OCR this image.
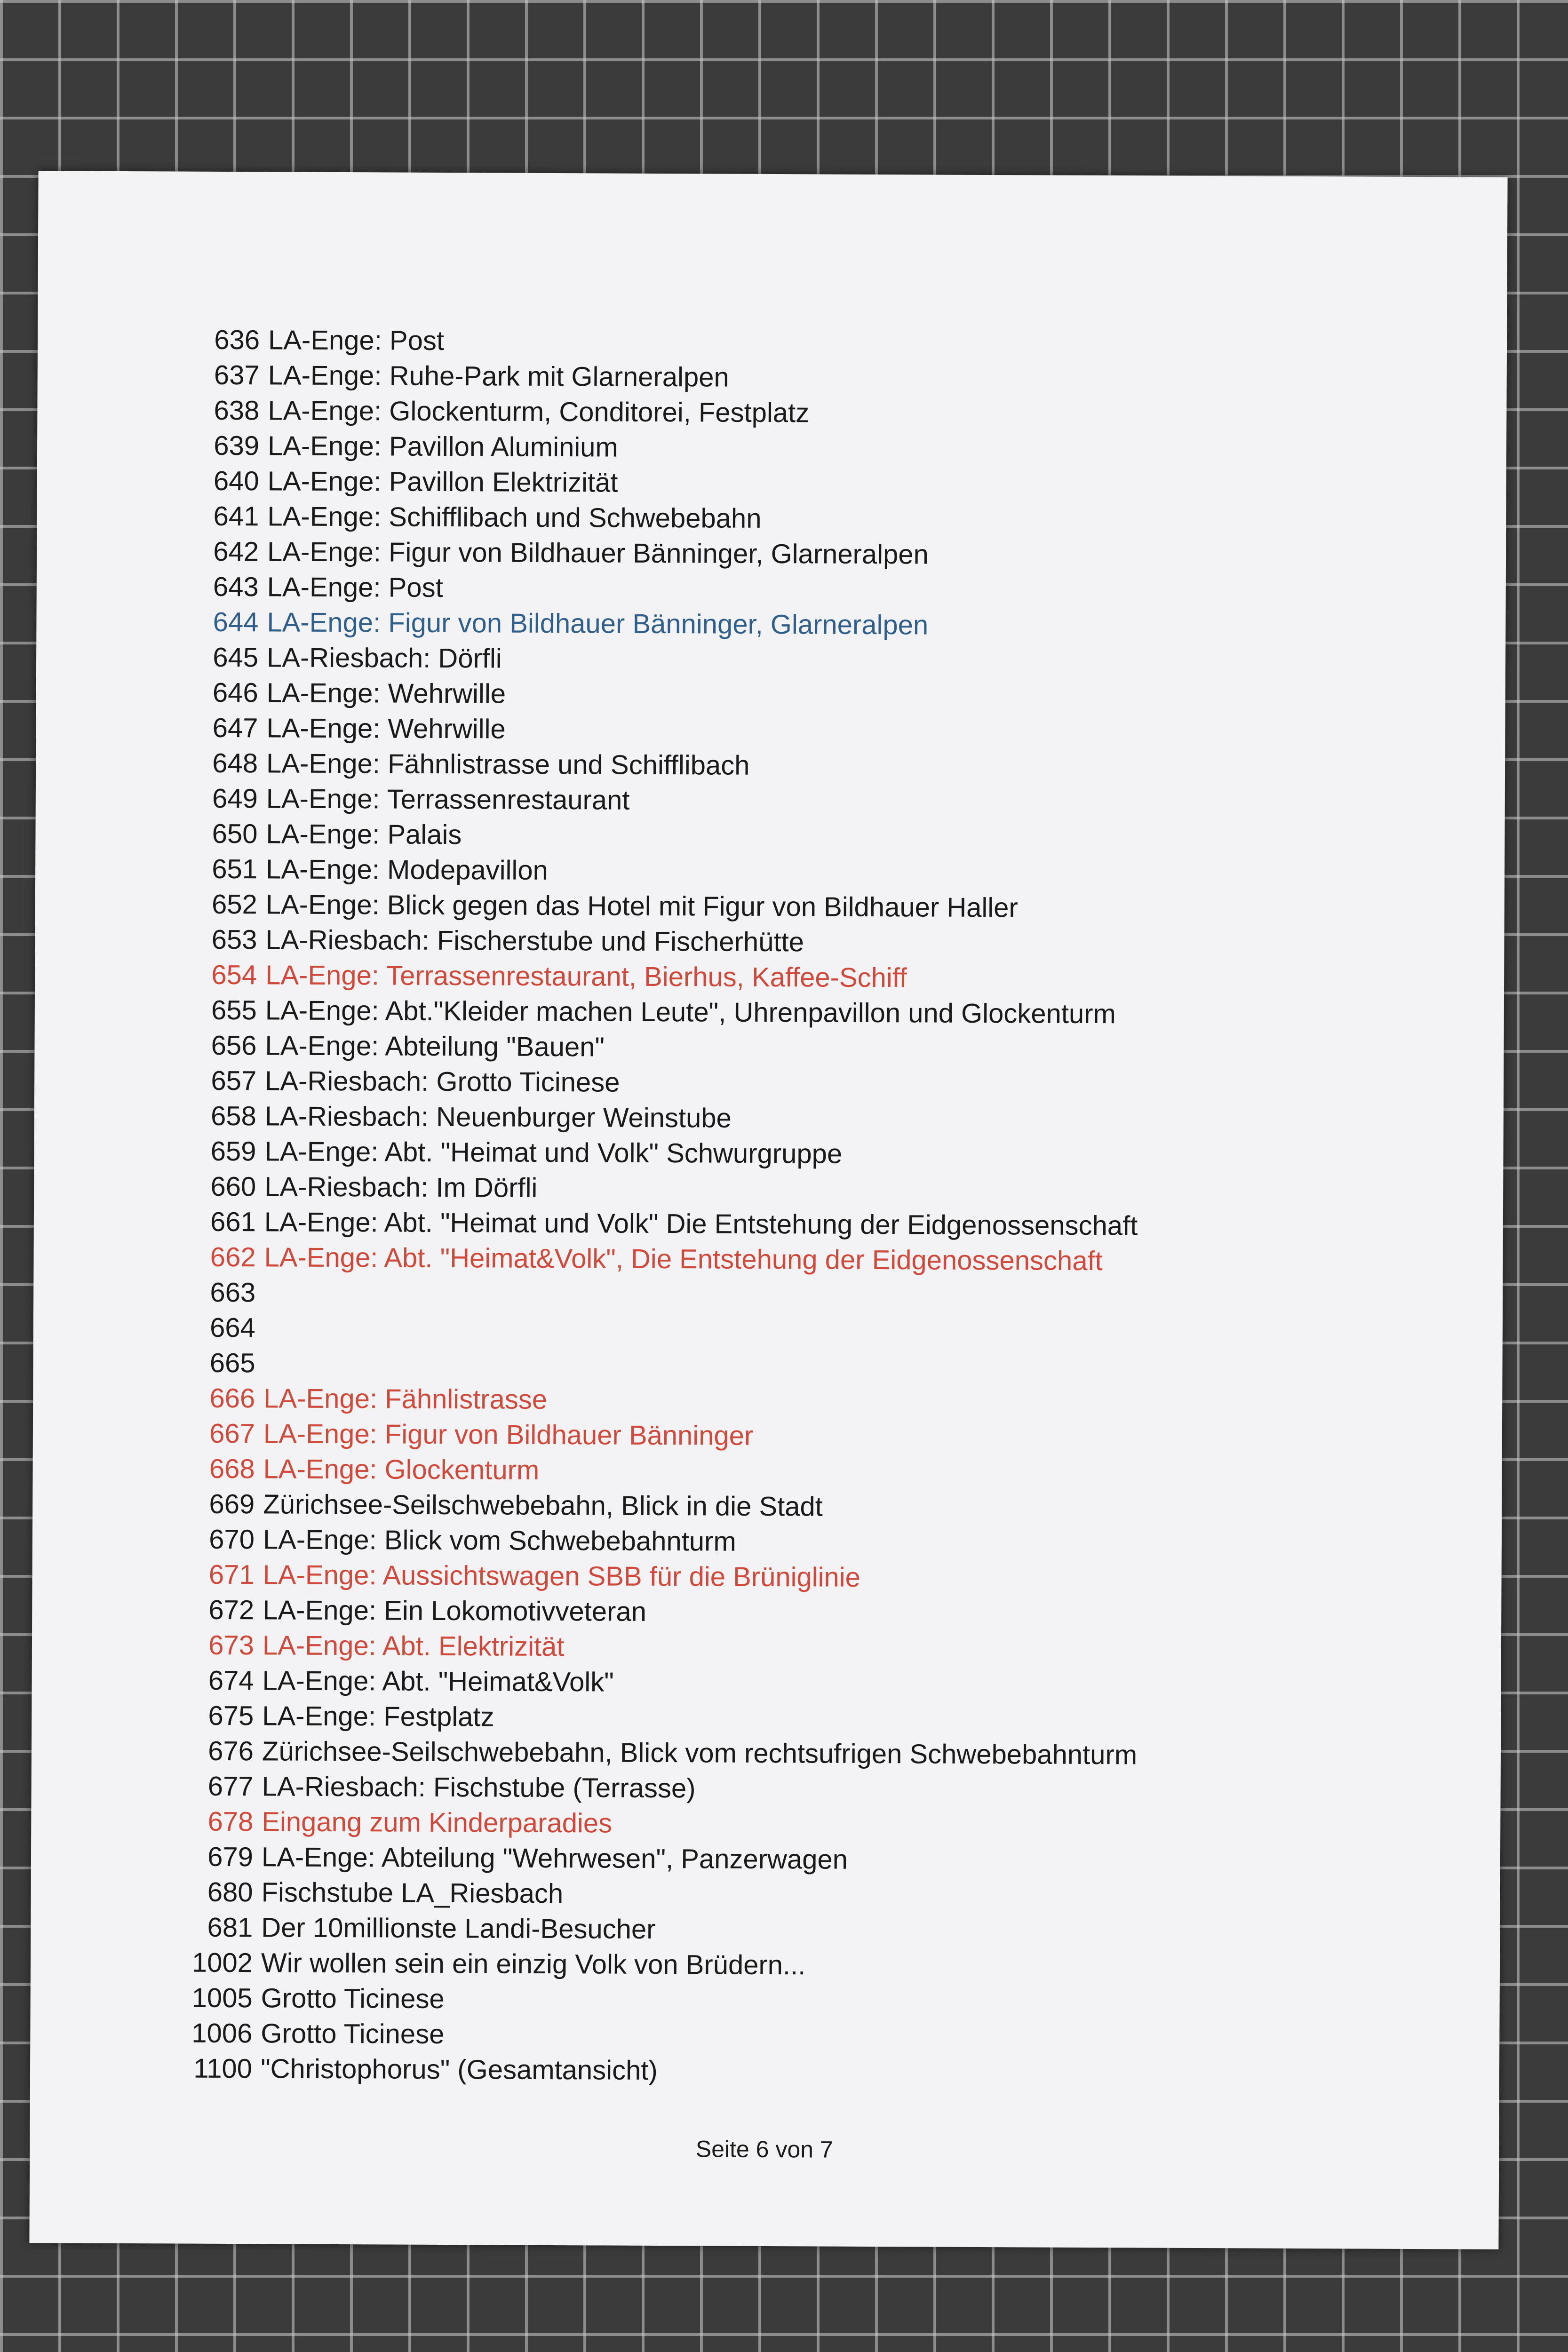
636 LA-Enge: Post
637 LA-Enge: Ruhe-Park mit Glarneralpen
638 LA-Enge: Glockenturm, Conditorei, Festplatz
639 LA-Enge: Pavillon Aluminium
640 LA-Enge: Pavillon Elektrizität
641 LA-Enge: Schifflibach und Schwebebahn
642 LA-Enge: Figur von Bildhauer Bänninger, Glarneralpen
643 LA-Enge: Post
644 LA-Enge: Figur von Bildhauer Bänninger, Glarneralpen
645 LA-Riesbach: Dörfli
646 LA-Enge: Wehrwille
647 LA-Enge: Wehrwille
648 LA-Enge: Fähnlistrasse und Schifflibach
649 LA-Enge: Terrassenrestaurant
650 LA-Enge: Palais
651 LA-Enge: Modepavillon
652 LA-Enge: Blick gegen das Hotel mit Figur von Bildhauer Haller
653 LA-Riesbach: Fischerstube und Fischerhütte
654 LA-Enge: Terrassenrestaurant, Bierhus, Kaffee-Schiff
655 LA-Enge: Abt."Kleider machen Leute", Uhrenpavillon und Glockenturm
656 LA-Enge: Abteilung "Bauen"
657 LA-Riesbach: Grotto Ticinese
658 LA-Riesbach: Neuenburger Weinstube
659 LA-Enge: Abt. "Heimat und Volk" Schwurgruppe
660 LA-Riesbach: Im Dörfli
661 LA-Enge: Abt. "Heimat und Volk" Die Entstehung der Eidgenossenschaft
662 LA-Enge: Abt. "Heimat&Volk", Die Entstehung der Eidgenossenschaft
663
664
665
666 LA-Enge: Fähnlistrasse
667 LA-Enge: Figur von Bildhauer Bänninger
668 LA-Enge: Glockenturm
669 Zürichsee-Seilschwebebahn, Blick in die Stadt
670 LA-Enge: Blick vom Schwebebahnturm
671 LA-Enge: Aussichtswagen SBB für die Brüniglinie
672 LA-Enge: Ein Lokomotivveteran
673 LA-Enge: Abt. Elektrizität
674 LA-Enge: Abt. "Heimat&Volk"
675 LA-Enge: Festplatz
676 Zürichsee-Seilschwebebahn, Blick vom rechtsufrigen Schwebebahnturm
677 LA-Riesbach: Fischstube (Terrasse)
678 Eingang zum Kinderparadies
679 LA-Enge: Abteilung "Wehrwesen", Panzerwagen
680 Fischstube LA_Riesbach
681 Der 10millionste Landi-Besucher
1002 Wir wollen sein ein einzig Volk von Brüdern...
1005 Grotto Ticinese
1006 Grotto Ticinese
1100 "Christophorus" (Gesamtansicht)
Seite 6 von 7
